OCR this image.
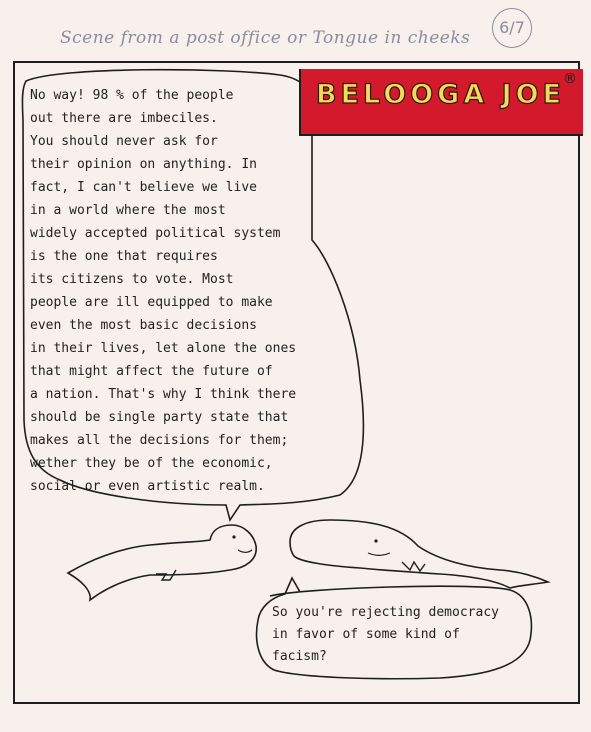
Scene from a post office or Tongue in cheeks
6/7
BELOOGA JOE
®
No way! 98 % of the people
out there are imbeciles.
You should never ask for
their opinion on anything. In
fact, I can't believe we live
in a world where the most
widely accepted political system
is the one that requires
its citizens to vote. Most
people are ill equipped to make
even the most basic decisions
in their lives, let alone the ones
that might affect the future of
a nation. That's why I think there
should be single party state that
makes all the decisions for them;
wether they be of the economic,
social or even artistic realm.
So you're rejecting democracy
in favor of some kind of
facism?
